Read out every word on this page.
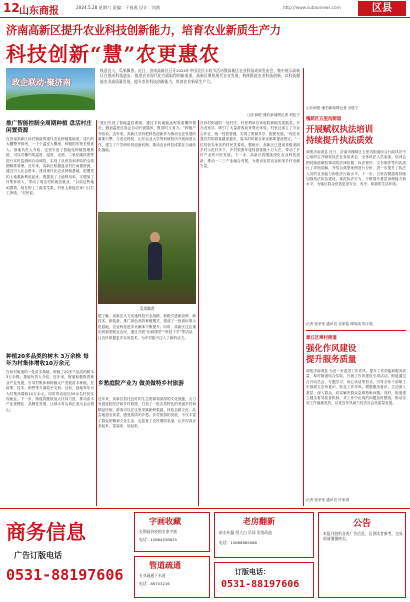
12 山东商报	2024.5.28 星期六 责编：于春燕 设计：刘茜	http://www.subaonews.com	区县
济南高新区提升农业科技创新能力，培育农业新质生产力
科技创新“慧”农更惠农
政企联动·聚济南
秋意宜人，瓜果飘香。近日，济南高新区召开2024年中国农民丰收节活动暨高新区农业科技成果发布会，集中展示高新区在推动科技进步、推进农业现代化方面取得的新成果。高新区聚焦现代农业发展，持续推进农业科技创新，以科技赋能农业高质量发展，提升农业科技创新能力，培育农业新质生产力。
山东商报·速豹新闻网记者 刘佳宁
推广智能控制全周期种植 盘活村庄闲置资源
在济南高新区孙村街道的现代农业种植基地里，成片的大棚整齐排列，一个个温室大棚里，种植的作物长势喜人。基地负责人介绍，这里引进了智能化种植管理系统，可以对棚内的温度、湿度、光照、二氧化碳浓度等进行实时监测和自动调控，实现了从育苗到采收的全周期精准管理。近年来，高新区积极盘活村庄闲置资源，通过引入社会资本，建设现代化农业种植基地，把撂荒的土地重新利用起来，既提高了土地利用率，又增加了村集体收入，带动了周边村民就近就业。“以前这些地闲置着，现在种上了蔬菜瓜果，村里人都能在家门口打工挣钱。”村民说。
种植20多品类的树木 3万余株 每年为村集体增收10万余元
在孙村街道的一处苗木基地，种植了20多个品类的树木3万余株。基地负责人介绍，近年来，街道积极推进林业产业发展，引导村集体和种植大户发展苗木种植，在政策、技术、销售等方面给予支持。目前，基地每年可为村集体增收10万余元，同时带动周边50余名村民实现就业。下一步，街道将继续加大扶持力度，推动苗木产业规模化、品牌化发展，让绿水青山真正成为金山银山。
“我们引进了智能温控系统，通过手机就能远程查看棚内情况，遇到温度过高会自动开窗通风，既省时又省力。”种植户介绍说。近年来，高新区坚持把科技创新作为推动农业发展的重要引擎，与省农科院、山东农业大学等科研院所开展深度合作，建立了产学研协同创新机制，推动农业科技成果在当地转化落地。
瓜果飘香
据了解，高新区大力实施科技兴农战略，积极引进新品种、新技术、新装备，推广绿色高效种植模式，建成了一批高标准示范基地，农业科技进步贡献率不断提升。同时，高新区还注重培育新型职业农民，通过开展“田间课堂”“科技下乡”等活动，让农民掌握更多实用技术，为乡村振兴注入了新的活力。
乡愁庭院产业为 做美做特乡村旅游
近年来，高新区依托良好的生态资源和深厚的文化底蕴，大力发展庭院经济和乡村旅游，打造了一批各具特色的美丽乡村和精品民宿。游客可以在这里采摘新鲜果蔬、体验农耕文化、品尝地道农家菜，感受浓浓的乡愁。乡村旅游的发展，不仅丰富了群众的精神文化生活，也拓宽了农民增收渠道，让乡村真正美起来、富起来、活起来。
在孙村街道的一处村庄，村民利用自家庭院种植瓜果蔬菜、开办农家乐，吸引了大量游客前来观光体验。村里还成立了专业合作社，统一经营管理，实现了资源共享、抱团发展。“现在来我们村的游客越来越多，周末的时候农家乐都要提前预订。”一位经营农家乐的村民笑着说。据统计，高新区已建成省级美丽乡村示范村多个，乡村旅游年接待游客数十万人次，带动了乡村产业的兴旺发展。下一步，高新区将继续深化农业科技创新，推动一二三产业融合发展，为建设宜居宜业和美乡村贡献力量。
山东商报·速豹新闻网记者 刘佳宁
槐荫区五里沟街道
开展赋权执法培训
持续提升执法质效
商报济南消息 近日，济南市槐荫区五里沟街道综合行政执法中心组织召开赋权执法业务培训会，全体执法人员参加。培训会围绕街道赋权事项的法律依据、执法程序、文书制作等内容进行了详细讲解，并结合典型案例进行分析，进一步提升了执法人员的业务能力和依法行政水平。下一步，五里沟街道将持续加强执法队伍建设，规范执法行为，不断提升基层治理能力和水平，为辖区群众营造更加安全、有序、和谐的生活环境。
记者 张孝荣 通讯员 邓家铭 谭凤琪 郭宇航
章丘区埠村街道
强化作风建设
提升服务质量
商报济南消息 为进一步改进工作作风，提升工作效能和服务质量，埠村街道结合实际，开展了作风建设专项活动。街道通过召开动员会、专题学习、谈心谈话等形式，引导全体干部职工牢固树立宗旨意识，转变工作作风，增强服务意识，主动深入基层、深入群众，切实解决群众急难愁盼问题。同时，街道建立健全督导检查机制，对工作中出现的问题及时整改，推动各项工作落地见效，以优良作风助力经济社会高质量发展。
记者 张孝荣 通讯员 许家琪
商务信息
广告订版电话
0531-88197606
字画收藏
长期高价收购名家字画
电话：15864538625
管道疏通
专业疏通下水道
电话：86703216
老房翻新
防水补漏 刮大白 吊顶 旧房改造
电话：15866889088
订版电话：
0531-88197606
公告
本报刊登的各类广告信息，仅供读者参考，交易前请谨慎核实。
